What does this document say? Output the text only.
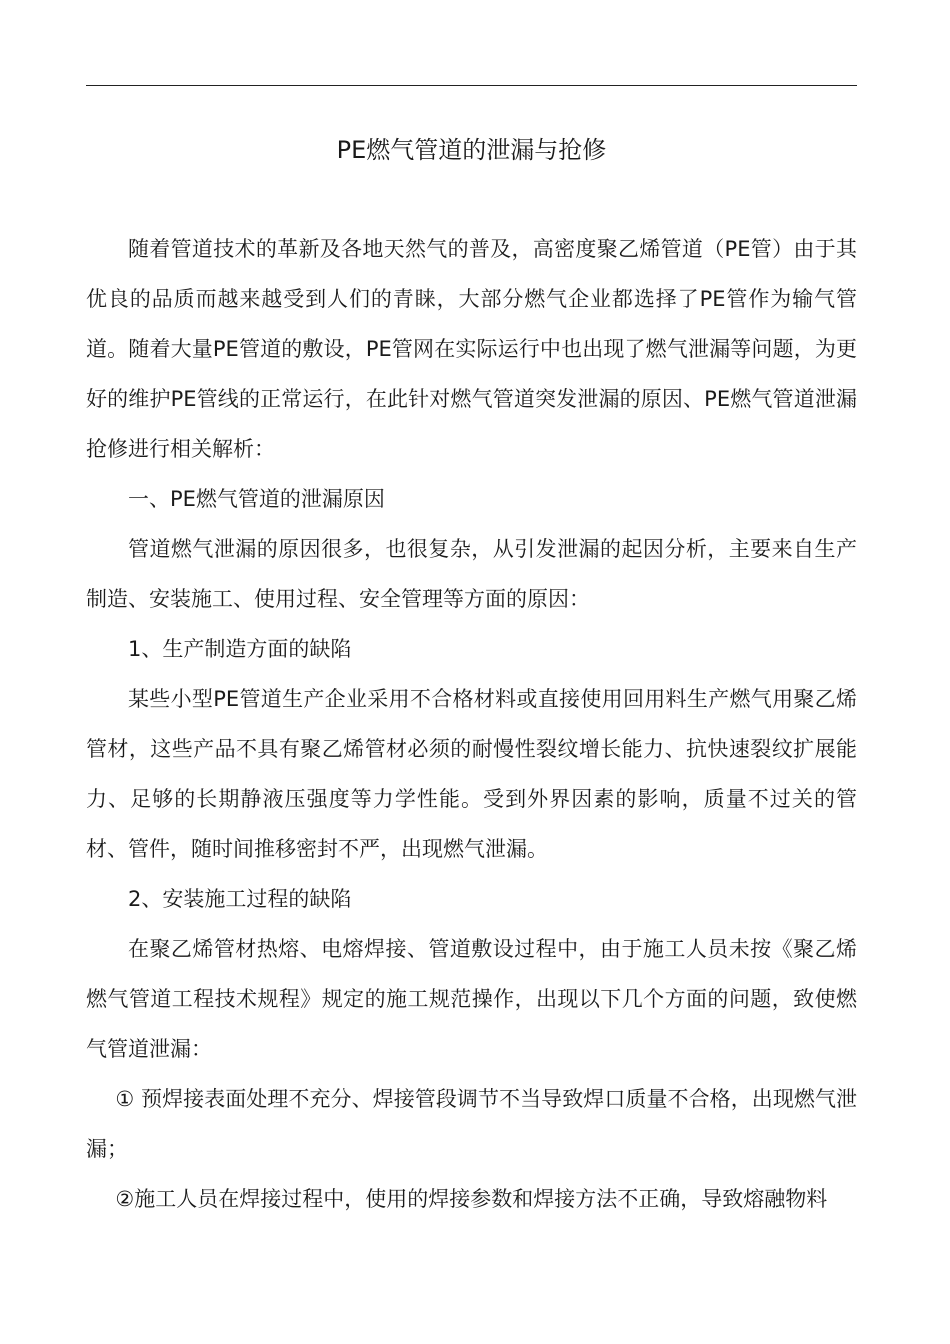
PE燃气管道的泄漏与抢修

随着管道技术的革新及各地天然气的普及，高密度聚乙烯管道（PE管）由于其优良的品质而越来越受到人们的青睐，大部分燃气企业都选择了PE管作为输气管道。随着大量PE管道的敷设，PE管网在实际运行中也出现了燃气泄漏等问题，为更好的维护PE管线的正常运行，在此针对燃气管道突发泄漏的原因、PE燃气管道泄漏抢修进行相关解析：

一、PE燃气管道的泄漏原因

管道燃气泄漏的原因很多，也很复杂，从引发泄漏的起因分析，主要来自生产制造、安装施工、使用过程、安全管理等方面的原因：

1、生产制造方面的缺陷

某些小型PE管道生产企业采用不合格材料或直接使用回用料生产燃气用聚乙烯管材，这些产品不具有聚乙烯管材必须的耐慢性裂纹增长能力、抗快速裂纹扩展能力、足够的长期静液压强度等力学性能。受到外界因素的影响，质量不过关的管材、管件，随时间推移密封不严，出现燃气泄漏。

2、安装施工过程的缺陷

在聚乙烯管材热熔、电熔焊接、管道敷设过程中，由于施工人员未按《聚乙烯燃气管道工程技术规程》规定的施工规范操作，出现以下几个方面的问题，致使燃气管道泄漏：

① 预焊接表面处理不充分、焊接管段调节不当导致焊口质量不合格，出现燃气泄漏；

②施工人员在焊接过程中，使用的焊接参数和焊接方法不正确，导致熔融物料
